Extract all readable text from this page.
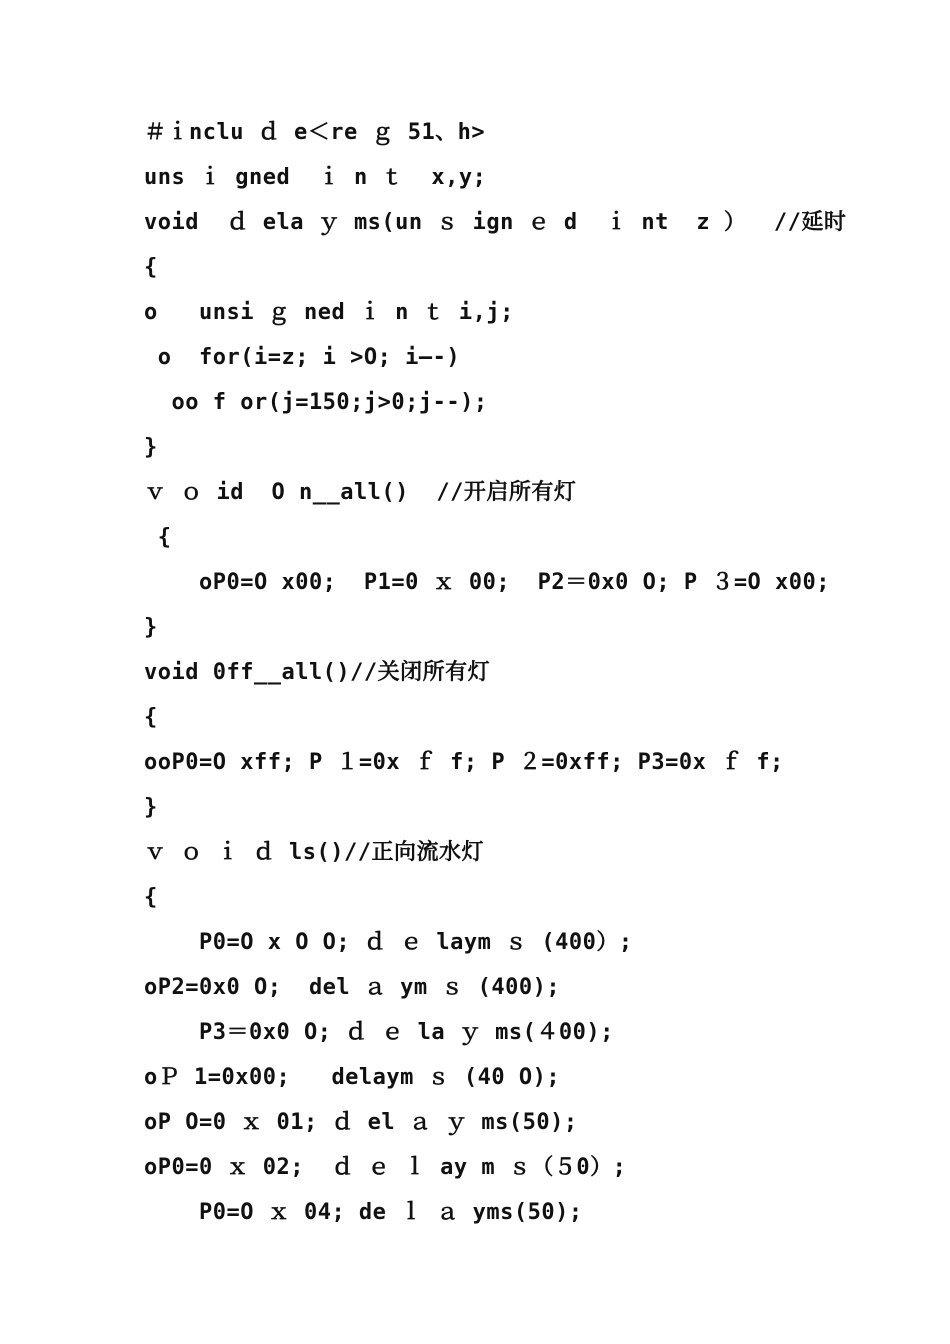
＃ｉnclu ｄ e＜re ｇ 51、h>
uns ｉ gned  ｉ n ｔ  x,y;
void  ｄ ela ｙ ms(un ｓ ign ｅ d  ｉ nt  z ）  //延时
{
o   unsi ｇ ned ｉ n ｔ i,j;
o  for(i=z; i >O; i—-)
oo f or(j=150;j>0;j--);
}
ｖ ｏ id  O n__all()  //开启所有灯
{
oP0=O x00;  P1=0 ｘ 00;  P2＝0x0 O; P ３=O x00;
}
void 0ff__all()//关闭所有灯
{
ooP0=O xff; P １=0x ｆ f; P ２=0xff; P3=0x ｆ f;
}
ｖ ｏ ｉ ｄ ls()//正向流水灯
{
P0=O x O O; ｄ ｅ laym ｓ (400）;
oP2=0x0 O;  del ａ ym ｓ (400);
P3＝0x0 O; ｄ ｅ la ｙ ms(４00);
oＰ 1=0x00;   delaym ｓ (40 O);
oP O=0 ｘ 01; ｄ el ａ ｙ ms(50);
oP0=0 ｘ 02;  ｄ ｅ ｌ ay m ｓ（５0）;
P0=O ｘ 04; de ｌ ａ yms(50);
